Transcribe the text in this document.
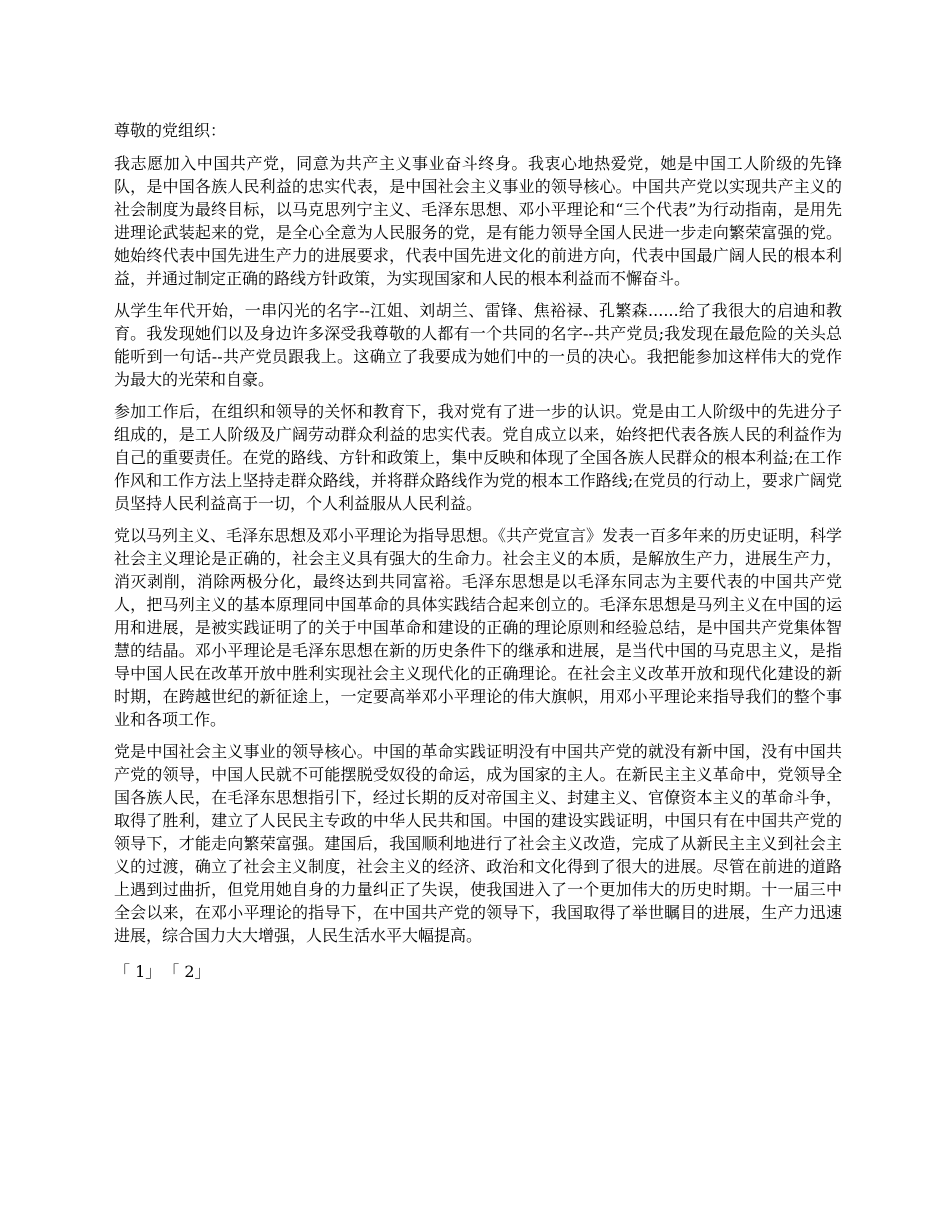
尊敬的党组织：

我志愿加入中国共产党，同意为共产主义事业奋斗终身。我衷心地热爱党，她是中国工人阶级的先锋队，是中国各族人民利益的忠实代表，是中国社会主义事业的领导核心。中国共产党以实现共产主义的社会制度为最终目标，以马克思列宁主义、毛泽东思想、邓小平理论和“三个代表”为行动指南，是用先进理论武装起来的党，是全心全意为人民服务的党，是有能力领导全国人民进一步走向繁荣富强的党。她始终代表中国先进生产力的进展要求，代表中国先进文化的前进方向，代表中国最广阔人民的根本利益，并通过制定正确的路线方针政策，为实现国家和人民的根本利益而不懈奋斗。

从学生年代开始，一串闪光的名字--江姐、刘胡兰、雷锋、焦裕禄、孔繁森......给了我很大的启迪和教育。我发现她们以及身边许多深受我尊敬的人都有一个共同的名字--共产党员;我发现在最危险的关头总能听到一句话--共产党员跟我上。这确立了我要成为她们中的一员的决心。我把能参加这样伟大的党作为最大的光荣和自豪。

参加工作后，在组织和领导的关怀和教育下，我对党有了进一步的认识。党是由工人阶级中的先进分子组成的，是工人阶级及广阔劳动群众利益的忠实代表。党自成立以来，始终把代表各族人民的利益作为自己的重要责任。在党的路线、方针和政策上，集中反映和体现了全国各族人民群众的根本利益;在工作作风和工作方法上坚持走群众路线，并将群众路线作为党的根本工作路线;在党员的行动上，要求广阔党员坚持人民利益高于一切，个人利益服从人民利益。

党以马列主义、毛泽东思想及邓小平理论为指导思想。《共产党宣言》发表一百多年来的历史证明，科学社会主义理论是正确的，社会主义具有强大的生命力。社会主义的本质，是解放生产力，进展生产力，消灭剥削，消除两极分化，最终达到共同富裕。毛泽东思想是以毛泽东同志为主要代表的中国共产党人，把马列主义的基本原理同中国革命的具体实践结合起来创立的。毛泽东思想是马列主义在中国的运用和进展，是被实践证明了的关于中国革命和建设的正确的理论原则和经验总结，是中国共产党集体智慧的结晶。邓小平理论是毛泽东思想在新的历史条件下的继承和进展，是当代中国的马克思主义，是指导中国人民在改革开放中胜利实现社会主义现代化的正确理论。在社会主义改革开放和现代化建设的新时期，在跨越世纪的新征途上，一定要高举邓小平理论的伟大旗帜，用邓小平理论来指导我们的整个事业和各项工作。

党是中国社会主义事业的领导核心。中国的革命实践证明没有中国共产党的就没有新中国，没有中国共产党的领导，中国人民就不可能摆脱受奴役的命运，成为国家的主人。在新民主主义革命中，党领导全国各族人民，在毛泽东思想指引下，经过长期的反对帝国主义、封建主义、官僚资本主义的革命斗争，取得了胜利，建立了人民民主专政的中华人民共和国。中国的建设实践证明，中国只有在中国共产党的领导下，才能走向繁荣富强。建国后，我国顺利地进行了社会主义改造，完成了从新民主主义到社会主义的过渡，确立了社会主义制度，社会主义的经济、政治和文化得到了很大的进展。尽管在前进的道路上遇到过曲折，但党用她自身的力量纠正了失误，使我国进入了一个更加伟大的历史时期。十一届三中全会以来，在邓小平理论的指导下，在中国共产党的领导下，我国取得了举世瞩目的进展，生产力迅速进展，综合国力大大增强，人民生活水平大幅提高。

「 1」 「 2」
